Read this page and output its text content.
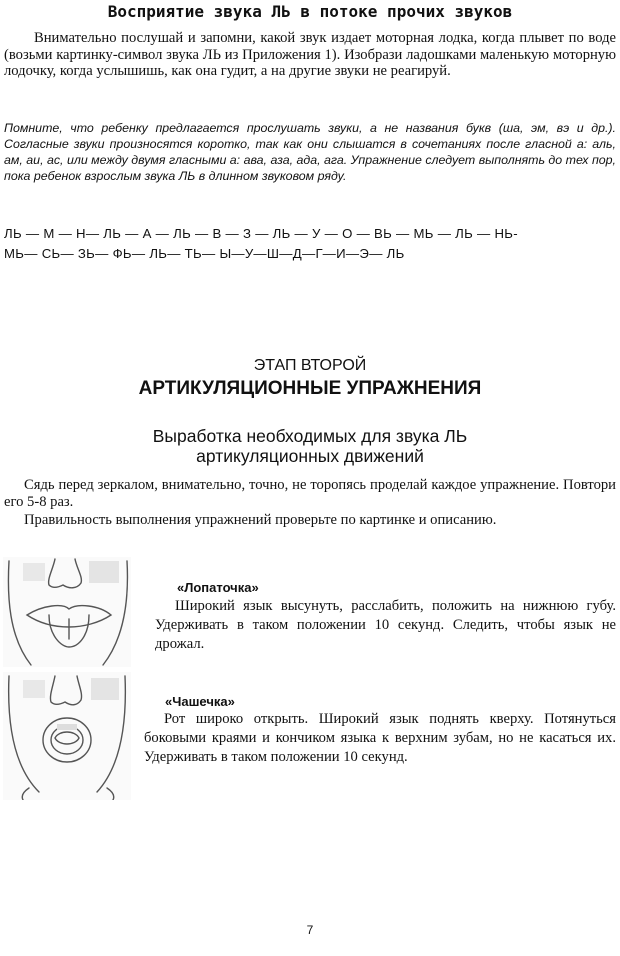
Восприятие звука ЛЬ в потоке прочих звуков
Внимательно послушай и запомни, какой звук издает моторная лодка, когда плывет по воде (возьми картинку-символ звука ЛЬ из Приложения 1). Изобрази ладошками маленькую моторную лодочку, когда услышишь, как она гудит, а на другие звуки не реагируй.
Помните, что ребенку предлагается прослушать звуки, а не названия букв (ша, эм, вэ и др.). Согласные звуки произносятся коротко, так как они слышатся в сочетаниях после гласной а: аль, ам, аи, ас, или между двумя гласными а: ава, аза, ада, ага. Упражнение следует выполнять до тех пор, пока ребенок взрослым звука ЛЬ в длинном звуковом ряду.
ЛЬ — М — Н— ЛЬ — А — ЛЬ — В — З — ЛЬ — У — О — ВЬ — МЬ — ЛЬ — НЬ-
МЬ— СЬ— ЗЬ— ФЬ— ЛЬ— ТЬ— Ы—У—Ш—Д—Г—И—Э— ЛЬ
ЭТАП ВТОРОЙ
АРТИКУЛЯЦИОННЫЕ УПРАЖНЕНИЯ
Выработка необходимых для звука ЛЬ
артикуляционных движений

Сядь перед зеркалом, внимательно, точно, не торопясь проделай каждое упражнение. Повтори его 5-8 раз.

Правильность выполнения упражнений проверьте по картинке и описанию.

«Лопаточка»

Широкий язык высунуть, расслабить, положить на нижнюю губу. Удерживать в таком положении 10 секунд. Следить, чтобы язык не дрожал.

«Чашечка»

Рот широко открыть. Широкий язык поднять кверху. Потянуться боковыми краями и кончиком языка к верхним зубам, но не касаться их. Удерживать в таком положении 10 секунд.

7
